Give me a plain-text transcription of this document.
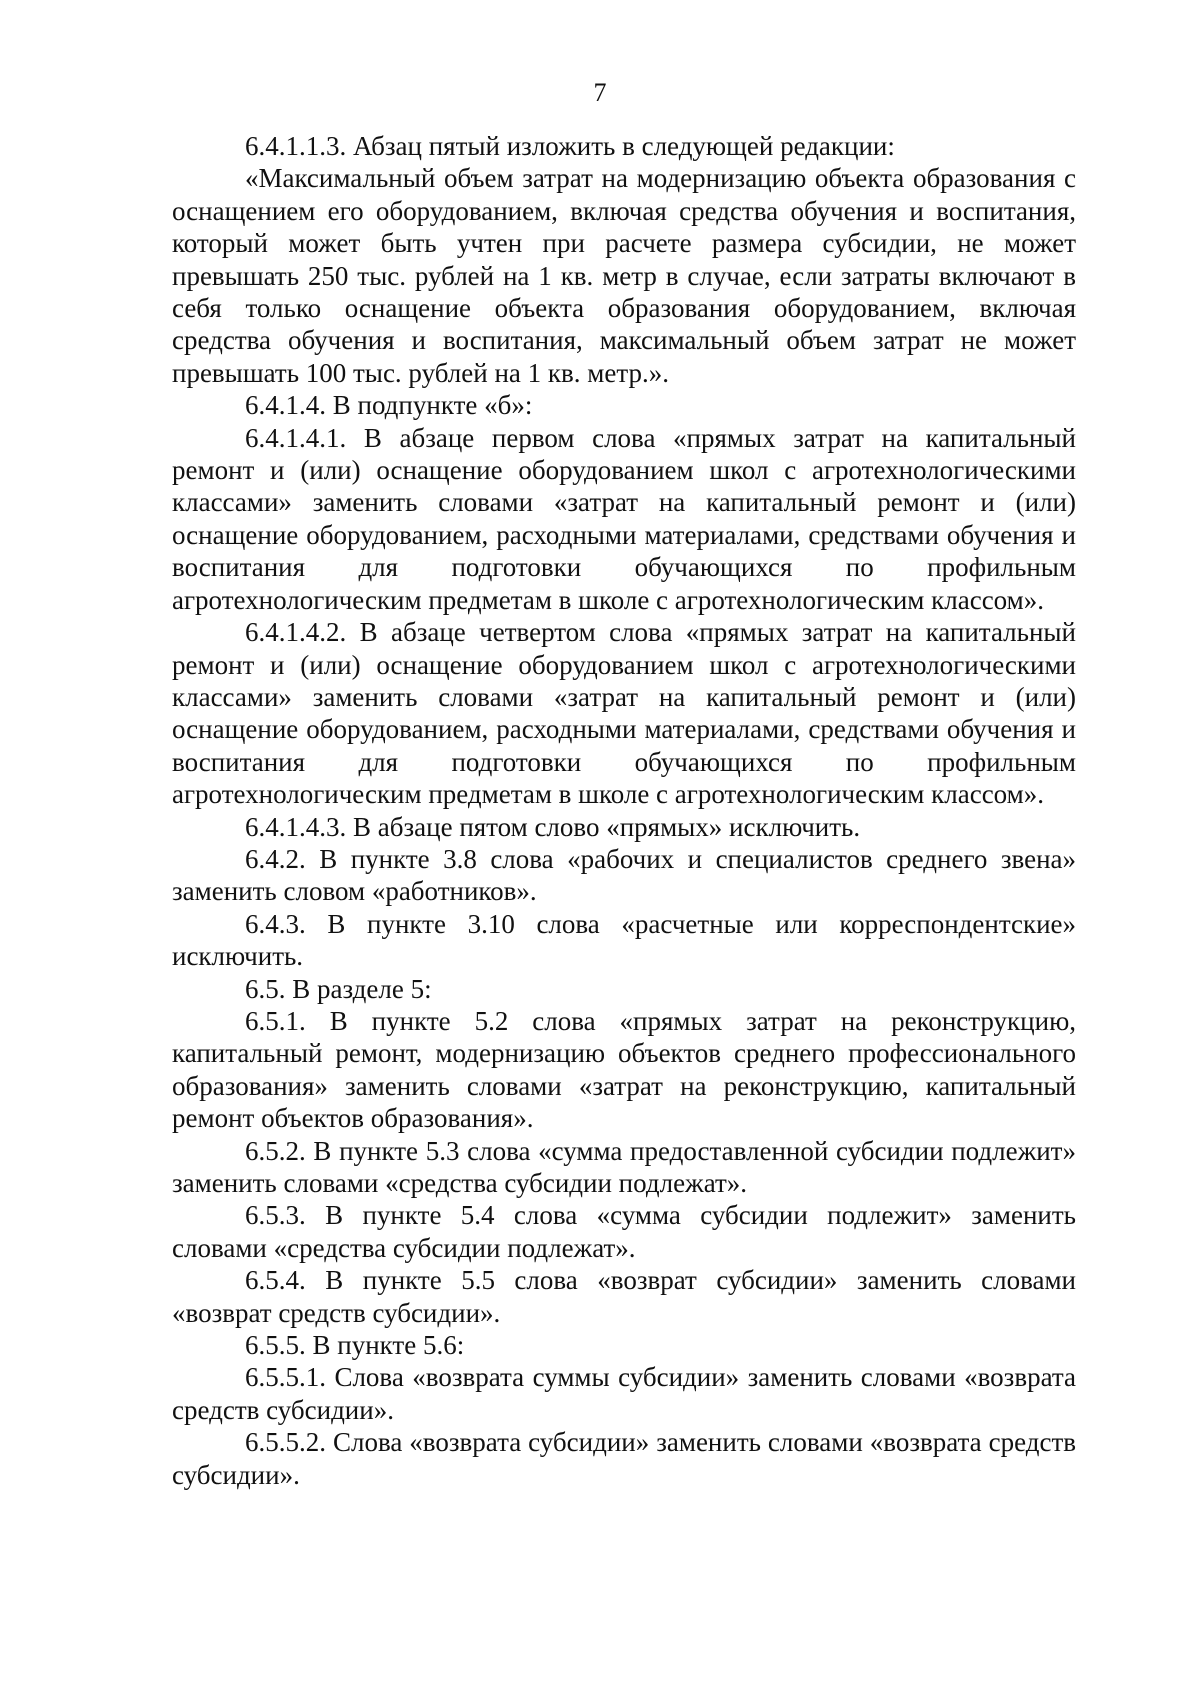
7

6.4.1.1.3. Абзац пятый изложить в следующей редакции:

«Максимальный объем затрат на модернизацию объекта образования с оснащением его оборудованием, включая средства обучения и воспитания, который может быть учтен при расчете размера субсидии, не может превышать 250 тыс. рублей на 1 кв. метр в случае, если затраты включают в себя только оснащение объекта образования оборудованием, включая средства обучения и воспитания, максимальный объем затрат не может превышать 100 тыс. рублей на 1 кв. метр.».

6.4.1.4. В подпункте «б»:

6.4.1.4.1. В абзаце первом слова «прямых затрат на капитальный ремонт и (или) оснащение оборудованием школ с агротехнологическими классами» заменить словами «затрат на капитальный ремонт и (или) оснащение оборудованием, расходными материалами, средствами обучения и воспитания для подготовки обучающихся по профильным агротехнологическим предметам в школе с агротехнологическим классом».

6.4.1.4.2. В абзаце четвертом слова «прямых затрат на капитальный ремонт и (или) оснащение оборудованием школ с агротехнологическими классами» заменить словами «затрат на капитальный ремонт и (или) оснащение оборудованием, расходными материалами, средствами обучения и воспитания для подготовки обучающихся по профильным агротехнологическим предметам в школе с агротехнологическим классом».

6.4.1.4.3. В абзаце пятом слово «прямых» исключить.

6.4.2. В пункте 3.8 слова «рабочих и специалистов среднего звена» заменить словом «работников».

6.4.3. В пункте 3.10 слова «расчетные или корреспондентские» исключить.

6.5. В разделе 5:

6.5.1. В пункте 5.2 слова «прямых затрат на реконструкцию, капитальный ремонт, модернизацию объектов среднего профессионального образования» заменить словами «затрат на реконструкцию, капитальный ремонт объектов образования».

6.5.2. В пункте 5.3 слова «сумма предоставленной субсидии подлежит» заменить словами «средства субсидии подлежат».

6.5.3. В пункте 5.4 слова «сумма субсидии подлежит» заменить словами «средства субсидии подлежат».

6.5.4. В пункте 5.5 слова «возврат субсидии» заменить словами «возврат средств субсидии».

6.5.5. В пункте 5.6:

6.5.5.1. Слова «возврата суммы субсидии» заменить словами «возврата средств субсидии».

6.5.5.2. Слова «возврата субсидии» заменить словами «возврата средств субсидии».
